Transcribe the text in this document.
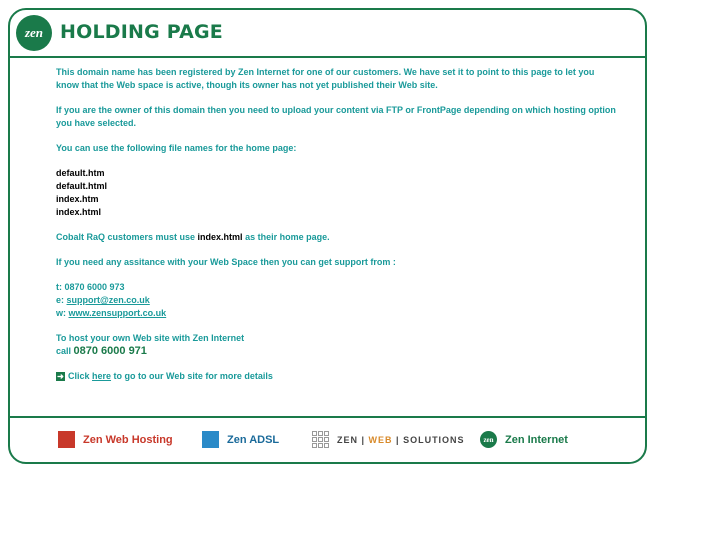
zen HOLDING PAGE

This domain name has been registered by Zen Internet for one of our customers. We have set it to point to this page to let you know that the Web space is active, though its owner has not yet published their Web site.

If you are the owner of this domain then you need to upload your content via FTP or FrontPage depending on which hosting option you have selected.

You can use the following file names for the home page:

default.htm
default.html
index.htm
index.html

Cobalt RaQ customers must use index.html as their home page.

If you need any assitance with your Web Space then you can get support from :

t: 0870 6000 973
e: support@zen.co.uk
w: www.zensupport.co.uk
To host your own Web site with Zen Internet
call 0870 6000 971
➜ Click here to go to our Web site for more details
Zen Web Hosting	Zen ADSL	ZEN | WEB | SOLUTIONS	zen	Zen Internet
